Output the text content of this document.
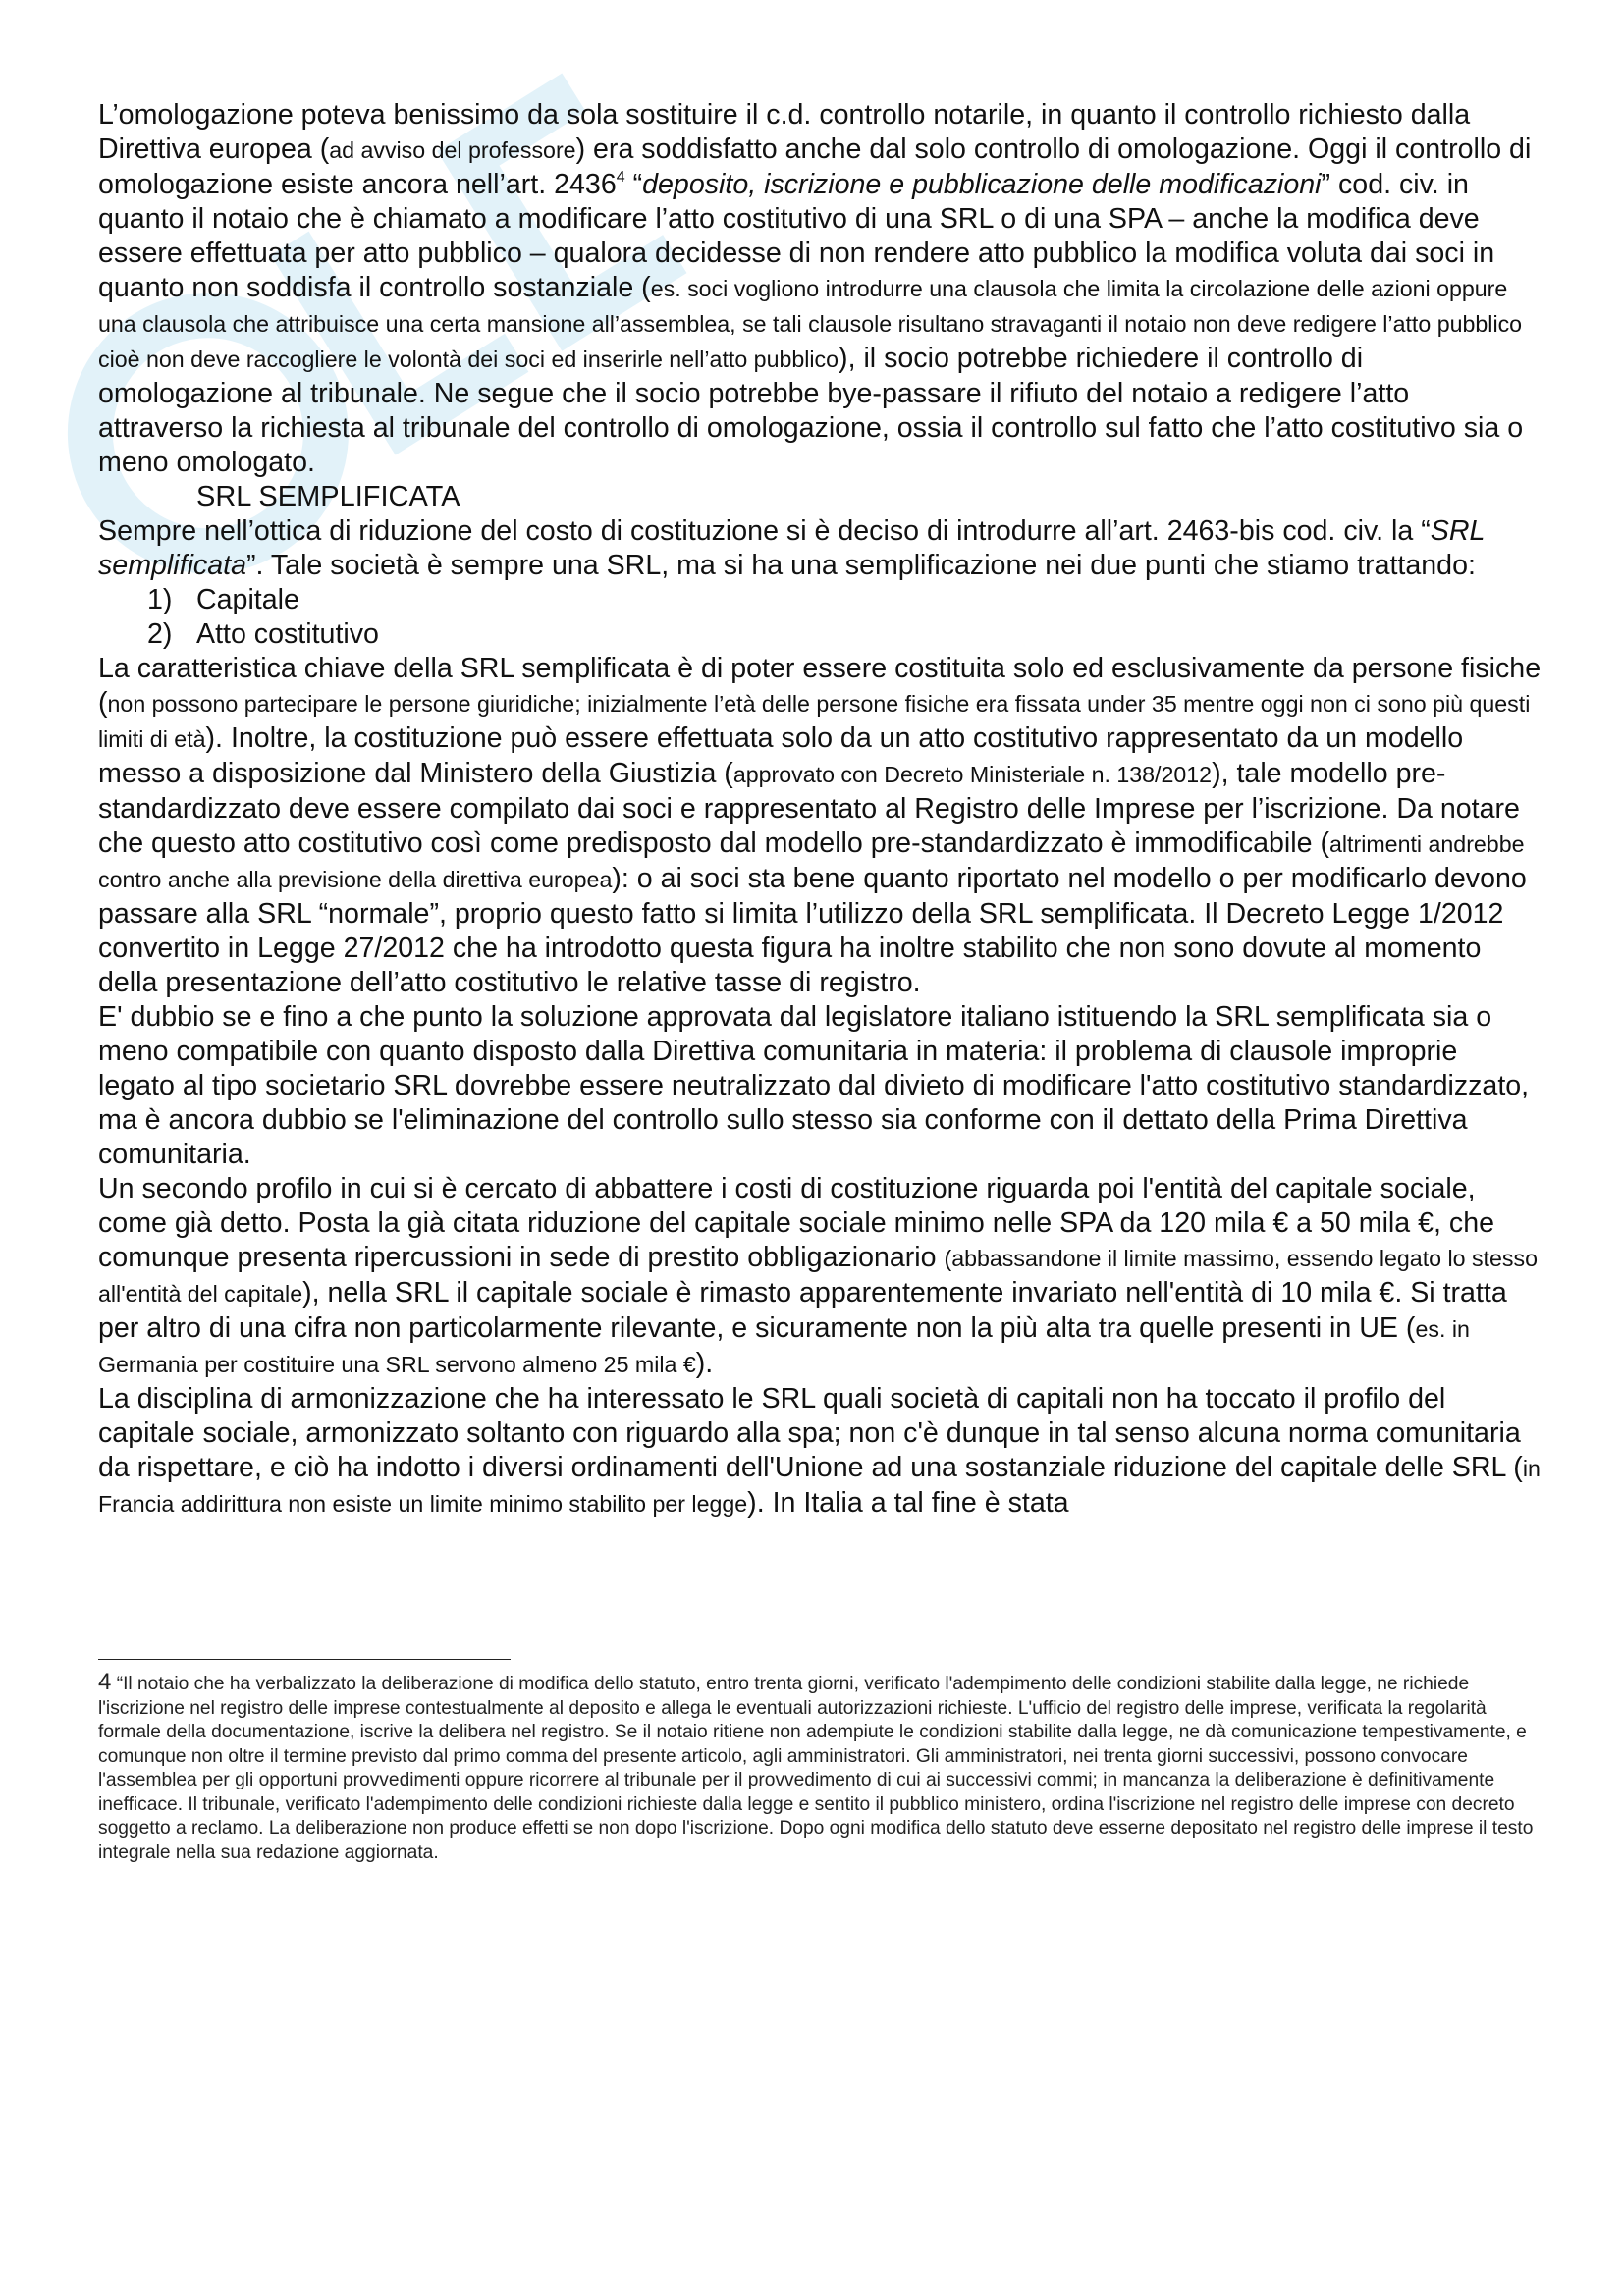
L’omologazione poteva benissimo da sola sostituire il c.d. controllo notarile, in quanto il controllo richiesto dalla Direttiva europea (ad avviso del professore) era soddisfatto anche dal solo controllo di omologazione. Oggi il controllo di omologazione esiste ancora nell’art. 2436$^4$ “deposito, iscrizione e pubblicazione delle modificazioni” cod. civ. in quanto il notaio che è chiamato a modificare l’atto costitutivo di una SRL o di una SPA – anche la modifica deve essere effettuata per atto pubblico – qualora decidesse di non rendere atto pubblico la modifica voluta dai soci in quanto non soddisfa il controllo sostanziale (es. soci vogliono introdurre una clausola che limita la circolazione delle azioni oppure una clausola che attribuisce una certa mansione all’assemblea, se tali clausole risultano stravaganti il notaio non deve redigere l’atto pubblico cioè non deve raccogliere le volontà dei soci ed inserirle nell’atto pubblico), il socio potrebbe richiedere il controllo di omologazione al tribunale. Ne segue che il socio potrebbe bye-passare il rifiuto del notaio a redigere l’atto attraverso la richiesta al tribunale del controllo di omologazione, ossia il controllo sul fatto che l’atto costitutivo sia o meno omologato.

SRL SEMPLIFICATA

Sempre nell’ottica di riduzione del costo di costituzione si è deciso di introdurre all’art. 2463-bis cod. civ. la “SRL semplificata”. Tale società è sempre una SRL, ma si ha una semplificazione nei due punti che stiamo trattando:

1) Capitale
2) Atto costitutivo

La caratteristica chiave della SRL semplificata è di poter essere costituita solo ed esclusivamente da persone fisiche (non possono partecipare le persone giuridiche; inizialmente l’età delle persone fisiche era fissata under 35 mentre oggi non ci sono più questi limiti di età). Inoltre, la costituzione può essere effettuata solo da un atto costitutivo rappresentato da un modello messo a disposizione dal Ministero della Giustizia (approvato con Decreto Ministeriale n. 138/2012), tale modello pre-standardizzato deve essere compilato dai soci e rappresentato al Registro delle Imprese per l’iscrizione. Da notare che questo atto costitutivo così come predisposto dal modello pre-standardizzato è immodificabile (altrimenti andrebbe contro anche alla previsione della direttiva europea): o ai soci sta bene quanto riportato nel modello o per modificarlo devono passare alla SRL “normale”, proprio questo fatto si limita l’utilizzo della SRL semplificata. Il Decreto Legge 1/2012 convertito in Legge 27/2012 che ha introdotto questa figura ha inoltre stabilito che non sono dovute al momento della presentazione dell’atto costitutivo le relative tasse di registro.

E' dubbio se e fino a che punto la soluzione approvata dal legislatore italiano istituendo la SRL semplificata sia o meno compatibile con quanto disposto dalla Direttiva comunitaria in materia: il problema di clausole improprie legato al tipo societario SRL dovrebbe essere neutralizzato dal divieto di modificare l'atto costitutivo standardizzato, ma è ancora dubbio se l'eliminazione del controllo sullo stesso sia conforme con il dettato della Prima Direttiva comunitaria.

Un secondo profilo in cui si è cercato di abbattere i costi di costituzione riguarda poi l'entità del capitale sociale, come già detto. Posta la già citata riduzione del capitale sociale minimo nelle SPA da 120 mila € a 50 mila €, che comunque presenta ripercussioni in sede di prestito obbligazionario (abbassandone il limite massimo, essendo legato lo stesso all'entità del capitale), nella SRL il capitale sociale è rimasto apparentemente invariato nell'entità di 10 mila €. Si tratta per altro di una cifra non particolarmente rilevante, e sicuramente non la più alta tra quelle presenti in UE (es. in Germania per costituire una SRL servono almeno 25 mila €).

La disciplina di armonizzazione che ha interessato le SRL quali società di capitali non ha toccato il profilo del capitale sociale, armonizzato soltanto con riguardo alla spa; non c'è dunque in tal senso alcuna norma comunitaria da rispettare, e ciò ha indotto i diversi ordinamenti dell'Unione ad una sostanziale riduzione del capitale delle SRL (in Francia addirittura non esiste un limite minimo stabilito per legge). In Italia a tal fine è stata

4 “Il notaio che ha verbalizzato la deliberazione di modifica dello statuto, entro trenta giorni, verificato l'adempimento delle condizioni stabilite dalla legge, ne richiede l'iscrizione nel registro delle imprese contestualmente al deposito e allega le eventuali autorizzazioni richieste. L'ufficio del registro delle imprese, verificata la regolarità formale della documentazione, iscrive la delibera nel registro. Se il notaio ritiene non adempiute le condizioni stabilite dalla legge, ne dà comunicazione tempestivamente, e comunque non oltre il termine previsto dal primo comma del presente articolo, agli amministratori. Gli amministratori, nei trenta giorni successivi, possono convocare l'assemblea per gli opportuni provvedimenti oppure ricorrere al tribunale per il provvedimento di cui ai successivi commi; in mancanza la deliberazione è definitivamente inefficace. Il tribunale, verificato l'adempimento delle condizioni richieste dalla legge e sentito il pubblico ministero, ordina l'iscrizione nel registro delle imprese con decreto soggetto a reclamo. La deliberazione non produce effetti se non dopo l'iscrizione. Dopo ogni modifica dello statuto deve esserne depositato nel registro delle imprese il testo integrale nella sua redazione aggiornata.
